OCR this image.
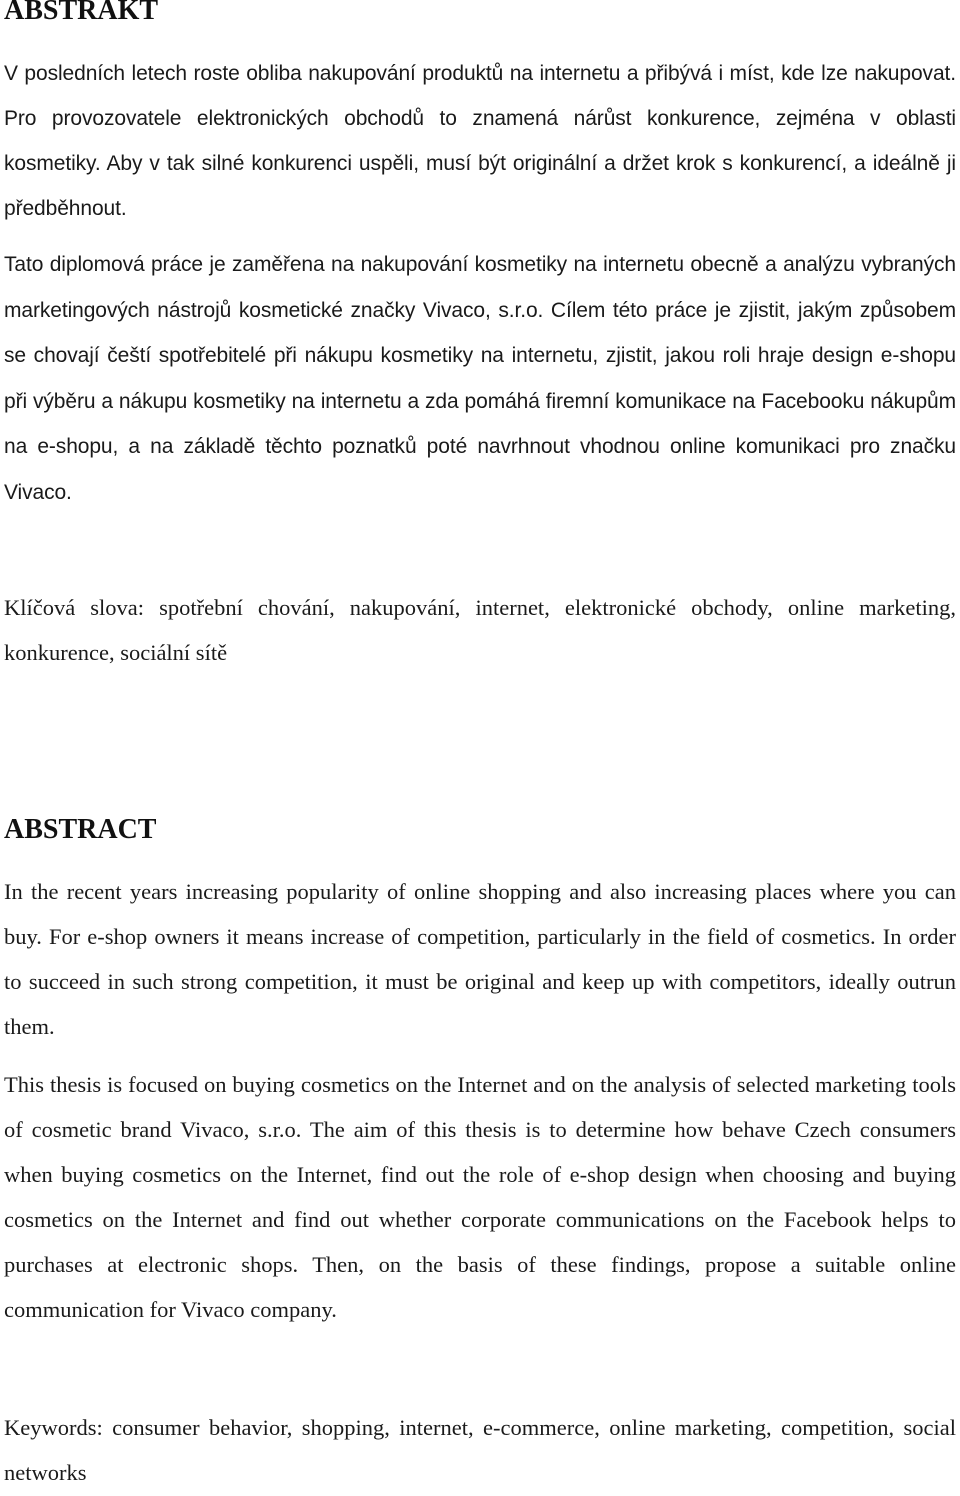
ABSTRAKT

V posledních letech roste obliba nakupování produktů na internetu a přibývá i míst, kde lze nakupovat. Pro provozovatele elektronických obchodů to znamená nárůst konkurence, zejména v oblasti kosmetiky. Aby v tak silné konkurenci uspěli, musí být originální a držet krok s konkurencí, a ideálně ji předběhnout.

Tato diplomová práce je zaměřena na nakupování kosmetiky na internetu obecně a analýzu vybraných marketingových nástrojů kosmetické značky Vivaco, s.r.o. Cílem této práce je zjistit, jakým způsobem se chovají čeští spotřebitelé při nákupu kosmetiky na internetu, zjistit, jakou roli hraje design e-shopu při výběru a nákupu kosmetiky na internetu a zda pomáhá firemní komunikace na Facebooku nákupům na e-shopu, a na základě těchto poznatků poté navrhnout vhodnou online komunikaci pro značku Vivaco.

Klíčová slova: spotřební chování, nakupování, internet, elektronické obchody, online marketing, konkurence, sociální sítě

ABSTRACT

In the recent years increasing popularity of online shopping and also increasing places where you can buy. For e-shop owners it means increase of competition, particularly in the field of cosmetics. In order to succeed in such strong competition, it must be original and keep up with competitors, ideally outrun them.

This thesis is focused on buying cosmetics on the Internet and on the analysis of selected marketing tools of cosmetic brand Vivaco, s.r.o. The aim of this thesis is to determine how behave Czech consumers when buying cosmetics on the Internet, find out the role of e-shop design when choosing and buying cosmetics on the Internet and find out whether corporate communications on the Facebook helps to purchases at electronic shops. Then, on the basis of these findings, propose a suitable online communication for Vivaco company.

Keywords: consumer behavior, shopping, internet, e-commerce, online marketing, competition, social networks
